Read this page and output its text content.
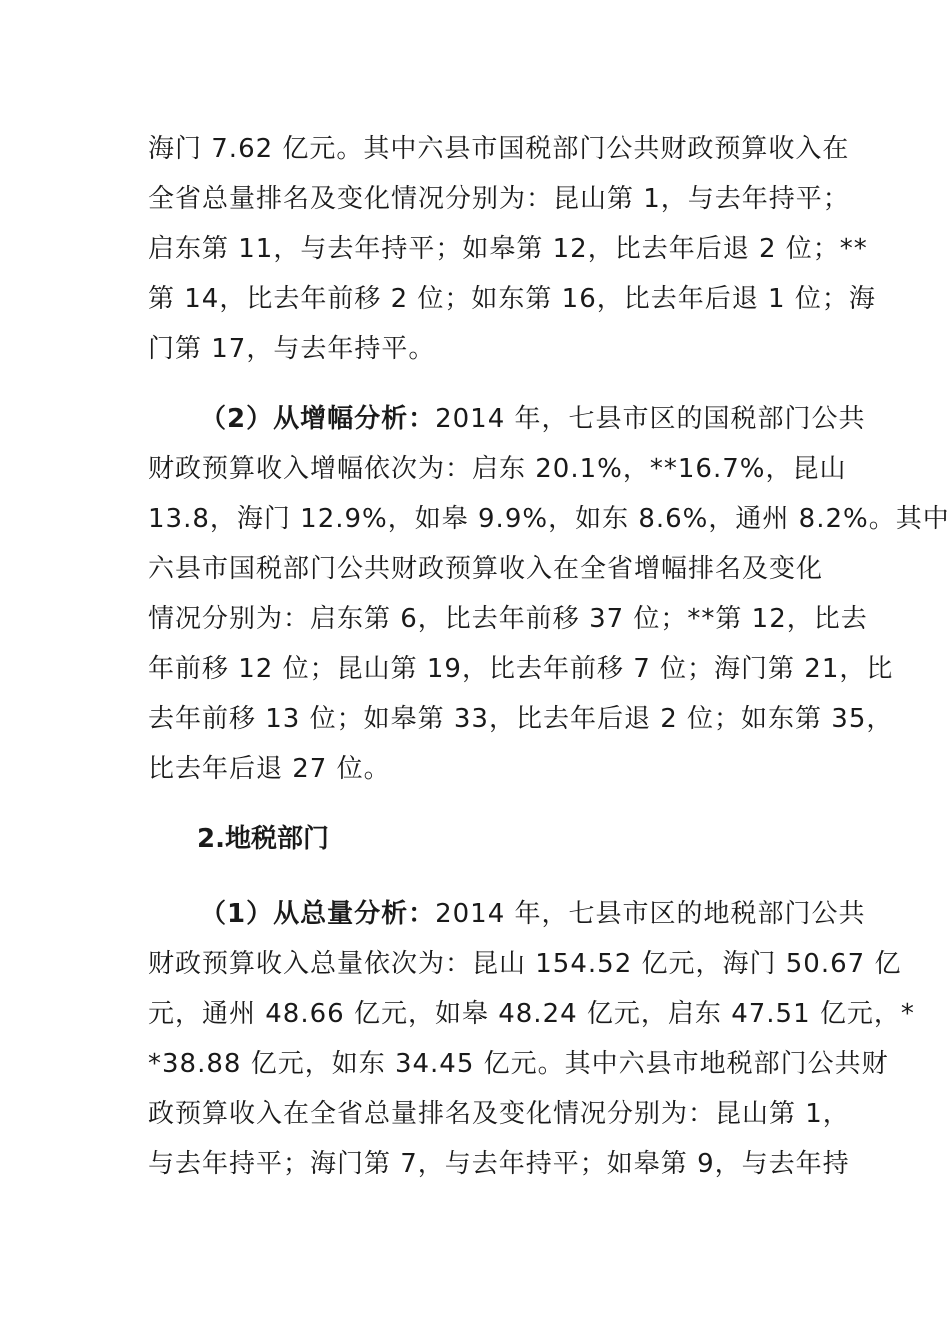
海门 7.62 亿元。其中六县市国税部门公共财政预算收入在
全省总量排名及变化情况分别为：昆山第 1，与去年持平；
启东第 11，与去年持平；如皋第 12，比去年后退 2 位；**
第 14，比去年前移 2 位；如东第 16，比去年后退 1 位；海
门第 17，与去年持平。
（2）从增幅分析：2014 年，七县市区的国税部门公共
财政预算收入增幅依次为：启东 20.1%，**16.7%，昆山
13.8，海门 12.9%，如皋 9.9%，如东 8.6%，通州 8.2%。其中
六县市国税部门公共财政预算收入在全省增幅排名及变化
情况分别为：启东第 6，比去年前移 37 位；**第 12，比去
年前移 12 位；昆山第 19，比去年前移 7 位；海门第 21，比
去年前移 13 位；如皋第 33，比去年后退 2 位；如东第 35，
比去年后退 27 位。
2.地税部门
（1）从总量分析：2014 年，七县市区的地税部门公共
财政预算收入总量依次为：昆山 154.52 亿元，海门 50.67 亿
元，通州 48.66 亿元，如皋 48.24 亿元，启东 47.51 亿元，*
*38.88 亿元，如东 34.45 亿元。其中六县市地税部门公共财
政预算收入在全省总量排名及变化情况分别为：昆山第 1，
与去年持平；海门第 7，与去年持平；如皋第 9，与去年持
